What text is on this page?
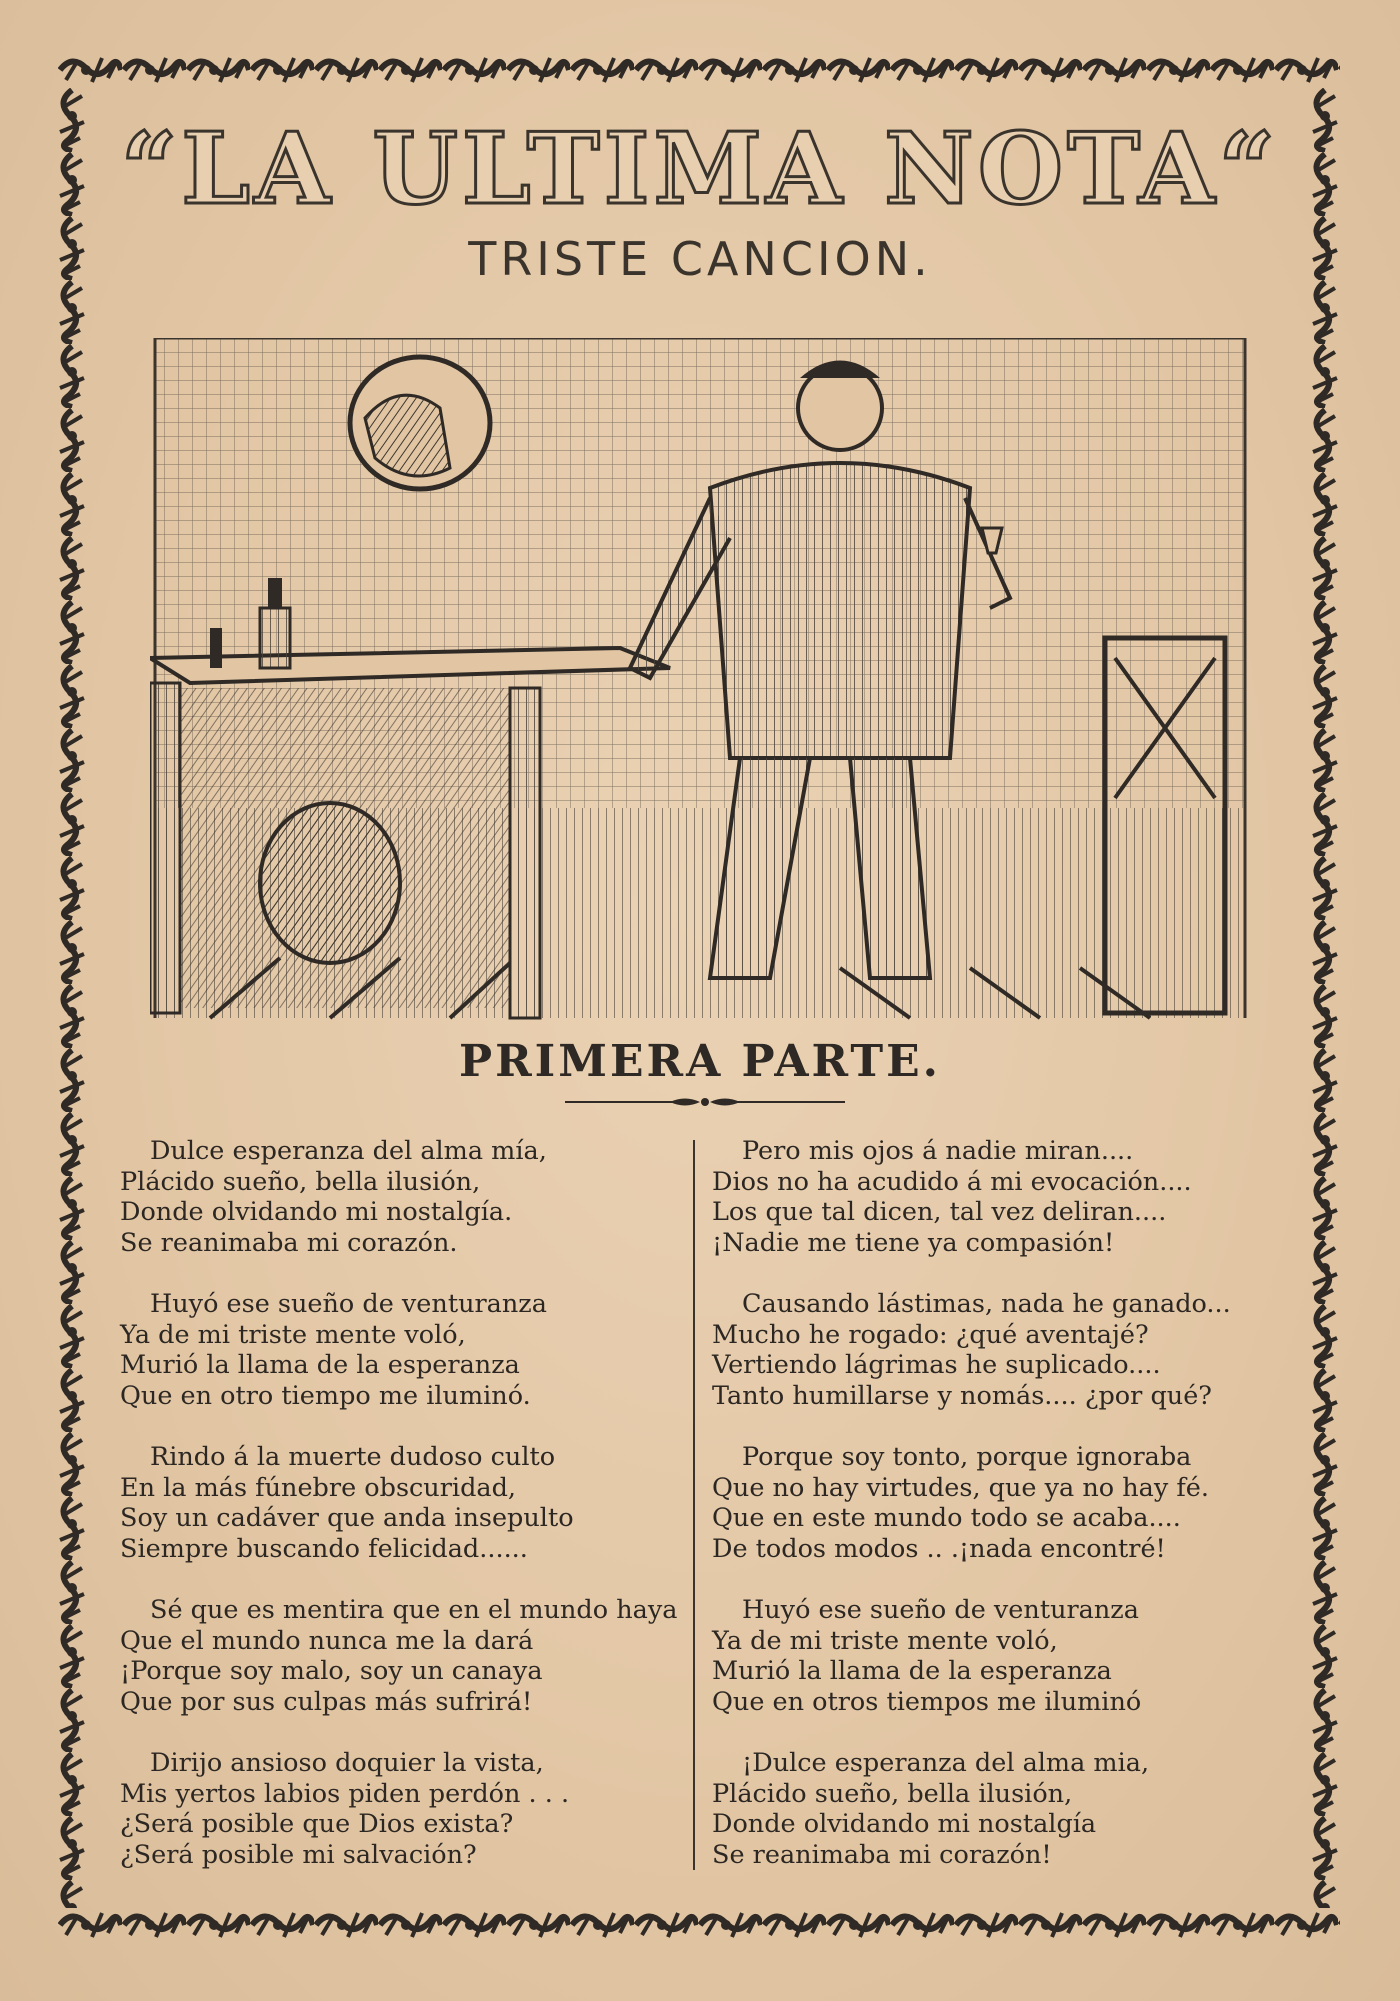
“LA ULTIMA NOTA“
TRISTE CANCION.
PRIMERA PARTE.
Dulce esperanza del alma mía,
Plácido sueño, bella ilusión,
Donde olvidando mi nostalgía.
Se reanimaba mi corazón.
Huyó ese sueño de venturanza
Ya de mi triste mente voló,
Murió la llama de la esperanza
Que en otro tiempo me iluminó.
Rindo á la muerte dudoso culto
En la más fúnebre obscuridad,
Soy un cadáver que anda insepulto
Siempre buscando felicidad......
Sé que es mentira que en el mundo haya
Que el mundo nunca me la dará
¡Porque soy malo, soy un canaya
Que por sus culpas más sufrirá!
Dirijo ansioso doquier la vista,
Mis yertos labios piden perdón . . .
¿Será posible que Dios exista?
¿Será posible mi salvación?
Pero mis ojos á nadie miran....
Dios no ha acudido á mi evocación....
Los que tal dicen, tal vez deliran....
¡Nadie me tiene ya compasión!
Causando lástimas, nada he ganado...
Mucho he rogado: ¿qué aventajé?
Vertiendo lágrimas he suplicado....
Tanto humillarse y nomás.... ¿por qué?
Porque soy tonto, porque ignoraba
Que no hay virtudes, que ya no hay fé.
Que en este mundo todo se acaba....
De todos modos .. .¡nada encontré!
Huyó ese sueño de venturanza
Ya de mi triste mente voló,
Murió la llama de la esperanza
Que en otros tiempos me iluminó
¡Dulce esperanza del alma mia,
Plácido sueño, bella ilusión,
Donde olvidando mi nostalgía
Se reanimaba mi corazón!
